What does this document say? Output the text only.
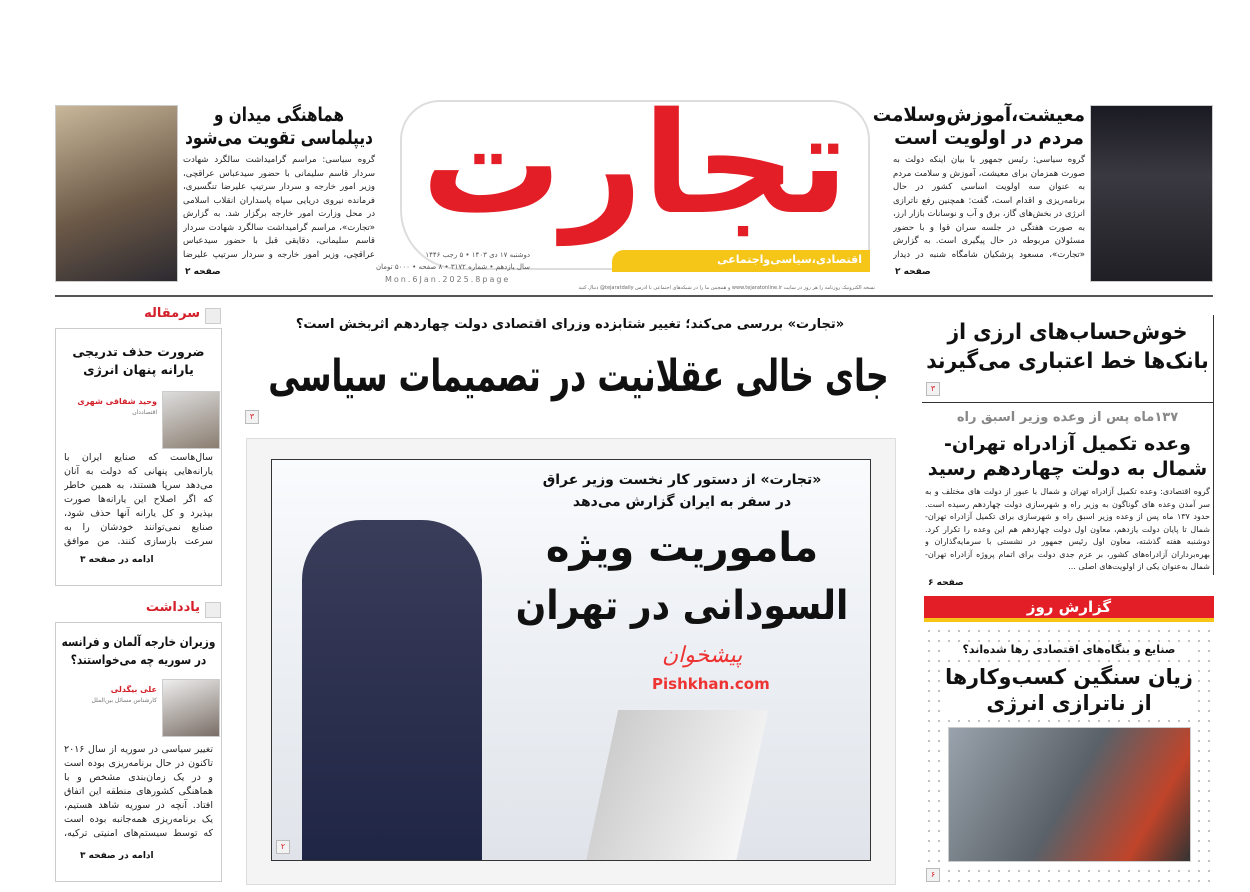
تجارت
اقتصادی،سیاسی‌واجتماعی
دوشنبه ۱۷ دی ۱۴۰۳ • ۵ رجب ۱۴۴۶
سال یازدهم • شماره ۳۱۷۲ • ۸ صفحه • ۵۰۰۰ تومان
Mon.6Jan.2025.8page
نسخه الکترونیک روزنامه را هر روز در سایت www.tejaratonline.ir و همچنین ما را در شبکه‌های اجتماعی با آدرس tejaratdaily@ دنبال کنید
معیشت،آموزش‌وسلامت مردم در اولویت است
گروه سیاسی: رئیس جمهور با بیان اینکه دولت به صورت همزمان برای معیشت، آموزش و سلامت مردم به عنوان سه اولویت اساسی کشور در حال برنامه‌ریزی و اقدام است، گفت: همچنین رفع ناترازی انرژی در بخش‌های گاز، برق و آب و نوسانات بازار ارز، به صورت هفتگی در جلسه سران قوا و با حضور مسئولان مربوطه در حال پیگیری است. به گزارش «تجارت»، مسعود پزشکیان شامگاه شنبه در دیدار
صفحه ۲
هماهنگی میدان و دیپلماسی تقویت می‌شود
گروه سیاسی: مراسم گرامیداشت سالگرد شهادت سردار قاسم سلیمانی با حضور سیدعباس عراقچی، وزیر امور خارجه و سردار سرتیپ علیرضا تنگسیری، فرمانده نیروی دریایی سپاه پاسداران انقلاب اسلامی در محل وزارت امور خارجه برگزار شد. به گزارش «تجارت»، مراسم گرامیداشت سالگرد شهادت سردار قاسم سلیمانی، دقایقی قبل با حضور سیدعباس عراقچی، وزیر امور خارجه و سردار سرتیپ علیرضا
صفحه ۲
سرمقاله
ضرورت حذف تدریجی یارانه پنهان انرژی
وحید شقاقی شهری
اقتصاددان
سال‌هاست که صنایع ایران با یارانه‌هایی پنهانی که دولت به آنان می‌دهد سرپا هستند، به همین خاطر که اگر اصلاح این یارانه‌ها صورت بپذیرد و کل یارانه آنها حذف شود، صنایع نمی‌توانند خودشان را به سرعت بازسازی کنند. من موافق
ادامه در صفحه ۳
یادداشت
وزیران خارجه آلمان و فرانسه در سوریه چه می‌خواستند؟
علی بیگدلی
کارشناس مسائل بین‌الملل
تغییر سیاسی در سوریه از سال ۲۰۱۶ تاکنون در حال برنامه‌ریزی بوده است و در یک زمان‌بندی مشخص و با هماهنگی کشورهای منطقه این اتفاق افتاد. آنچه در سوریه شاهد هستیم، یک برنامه‌ریزی همه‌جانبه بوده است که توسط سیستم‌های امنیتی ترکیه،
ادامه در صفحه ۳
«تجارت» بررسی می‌کند؛ تغییر شتابزده وزرای اقتصادی دولت چهاردهم اثربخش است؟
جای خالی عقلانیت در تصمیمات سیاسی
۳
«تجارت» از دستور کار نخست وزیر عراق
در سفر به ایران گزارش می‌دهد
ماموریت ویژه
السودانی در تهران
پیشخوان
Pishkhan.com
۲
خوش‌حساب‌های ارزی از بانک‌ها خط اعتباری می‌گیرند
۳
۱۳۷ماه پس از وعده وزیر اسبق راه
وعده تکمیل آزادراه تهران-شمال به دولت چهاردهم رسید
گروه اقتصادی: وعده تکمیل آزادراه تهران و شمال با عبور از دولت های مختلف و به سر آمدن وعده های گوناگون به وزیر راه و شهرسازی دولت چهاردهم رسیده است. حدود ۱۳۷ ماه پس از وعده وزیر اسبق راه و شهرسازی برای تکمیل آزادراه تهران-شمال تا پایان دولت یازدهم، معاون اول دولت چهاردهم هم این وعده را تکرار کرد. دوشنبه هفته گذشته، معاون اول رئیس جمهور در نشستی با سرمایه‌گذاران و بهره‌برداران آزادراه‌های کشور، بر عزم جدی دولت برای اتمام پروژه آزادراه تهران-شمال به‌عنوان یکی از اولویت‌های اصلی ...
صفحه ۶
گزارش روز
صنایع و بنگاه‌های اقتصادی رها شده‌اند؟
زیان سنگین کسب‌وکارها از ناترازی انرژی
۶
